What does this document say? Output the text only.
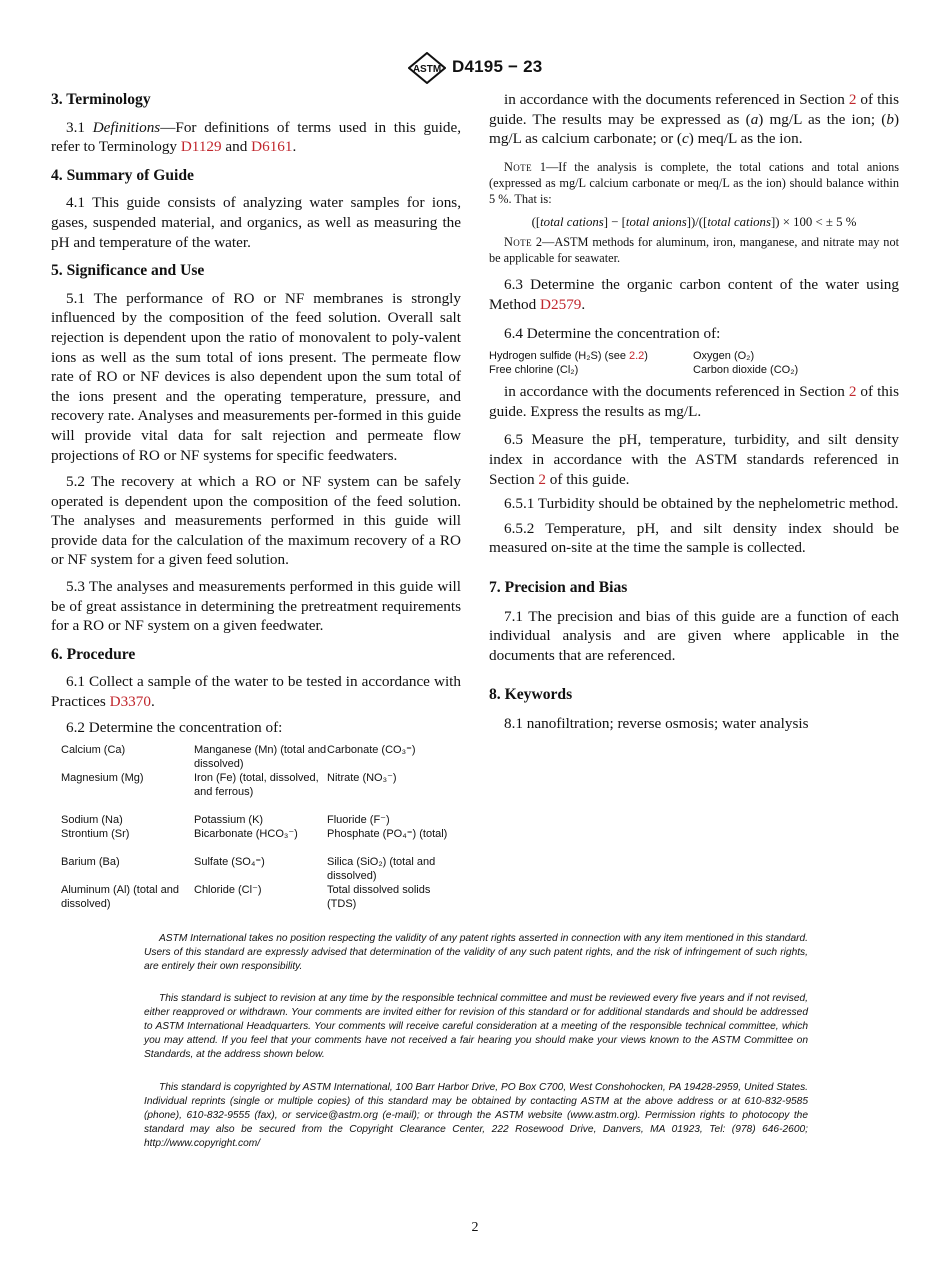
ASTM D4195 − 23

3. Terminology

3.1 Definitions—For definitions of terms used in this guide, refer to Terminology D1129 and D6161.

4. Summary of Guide

4.1 This guide consists of analyzing water samples for ions, gases, suspended material, and organics, as well as measuring the pH and temperature of the water.

5. Significance and Use

5.1 The performance of RO or NF membranes is strongly influenced by the composition of the feed solution. Overall salt rejection is dependent upon the ratio of monovalent to poly-valent ions as well as the sum total of ions present. The permeate flow rate of RO or NF devices is also dependent upon the sum total of the ions present and the operating temperature, pressure, and recovery rate. Analyses and measurements per-formed in this guide will provide vital data for salt rejection and permeate flow projections of RO or NF systems for specific feedwaters.

5.2 The recovery at which a RO or NF system can be safely operated is dependent upon the composition of the feed solution. The analyses and measurements performed in this guide will provide data for the calculation of the maximum recovery of a RO or NF system for a given feed solution.

5.3 The analyses and measurements performed in this guide will be of great assistance in determining the pretreatment requirements for a RO or NF system on a given feedwater.

6. Procedure

6.1 Collect a sample of the water to be tested in accordance with Practices D3370.

6.2 Determine the concentration of:

Calcium (Ca)	Manganese (Mn) (total and dissolved)	Carbonate (CO₃⁼)
Magnesium (Mg)	Iron (Fe) (total, dissolved, and ferrous)	Nitrate (NO₃⁻)
Sodium (Na)	Potassium (K)	Fluoride (F⁻)
Strontium (Sr)	Bicarbonate (HCO₃⁻)	Phosphate (PO₄⁼) (total)
Barium (Ba)	Sulfate (SO₄⁼)	Silica (SiO₂) (total and dissolved)
Aluminum (Al) (total and dissolved)	Chloride (Cl⁻)	Total dissolved solids (TDS)

in accordance with the documents referenced in Section 2 of this guide. The results may be expressed as (a) mg/L as the ion; (b) mg/L as calcium carbonate; or (c) meq/L as the ion.

Note 1—If the analysis is complete, the total cations and total anions (expressed as mg/L calcium carbonate or meq/L as the ion) should balance within 5 %. That is:

([total cations] − [total anions])/([total cations]) × 100 < ± 5 %

Note 2—ASTM methods for aluminum, iron, manganese, and nitrate may not be applicable for seawater.

6.3 Determine the organic carbon content of the water using Method D2579.

6.4 Determine the concentration of:

Hydrogen sulfide (H₂S) (see 2.2)	Oxygen (O₂)
Free chlorine (Cl₂)	Carbon dioxide (CO₂)

in accordance with the documents referenced in Section 2 of this guide. Express the results as mg/L.

6.5 Measure the pH, temperature, turbidity, and silt density index in accordance with the ASTM standards referenced in Section 2 of this guide.

6.5.1 Turbidity should be obtained by the nephelometric method.

6.5.2 Temperature, pH, and silt density index should be measured on-site at the time the sample is collected.

7. Precision and Bias

7.1 The precision and bias of this guide are a function of each individual analysis and are given where applicable in the documents that are referenced.

8. Keywords

8.1 nanofiltration; reverse osmosis; water analysis

ASTM International takes no position respecting the validity of any patent rights asserted in connection with any item mentioned in this standard. Users of this standard are expressly advised that determination of the validity of any such patent rights, and the risk of infringement of such rights, are entirely their own responsibility.

This standard is subject to revision at any time by the responsible technical committee and must be reviewed every five years and if not revised, either reapproved or withdrawn. Your comments are invited either for revision of this standard or for additional standards and should be addressed to ASTM International Headquarters. Your comments will receive careful consideration at a meeting of the responsible technical committee, which you may attend. If you feel that your comments have not received a fair hearing you should make your views known to the ASTM Committee on Standards, at the address shown below.

This standard is copyrighted by ASTM International, 100 Barr Harbor Drive, PO Box C700, West Conshohocken, PA 19428-2959, United States. Individual reprints (single or multiple copies) of this standard may be obtained by contacting ASTM at the above address or at 610-832-9585 (phone), 610-832-9555 (fax), or service@astm.org (e-mail); or through the ASTM website (www.astm.org). Permission rights to photocopy the standard may also be secured from the Copyright Clearance Center, 222 Rosewood Drive, Danvers, MA 01923, Tel: (978) 646-2600; http://www.copyright.com/

2
